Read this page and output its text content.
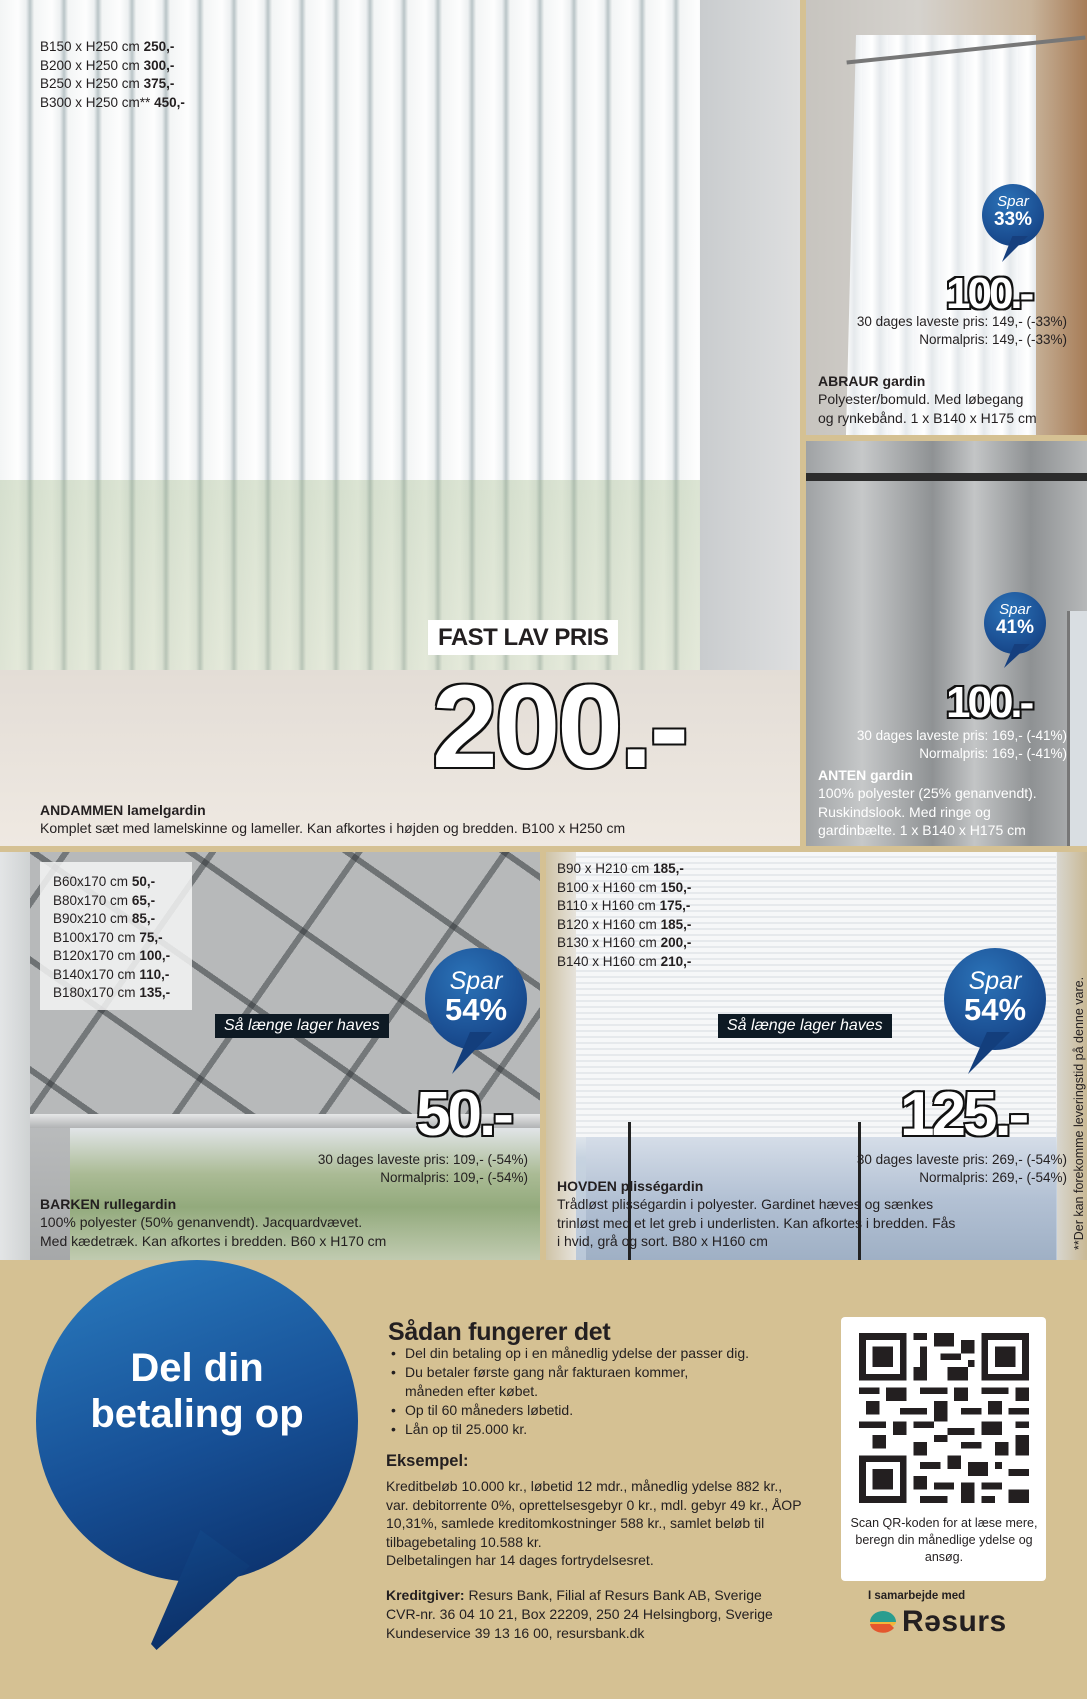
B150 x H250 cm 250,-
B200 x H250 cm 300,-
B250 x H250 cm 375,-
B300 x H250 cm** 450,-
FAST LAV PRIS
200.-
ANDAMMEN lamelgardin
Komplet sæt med lamelskinne og lameller. Kan afkortes i højden og bredden. B100 x H250 cm
Spar
33%
100.-
30 dages laveste pris: 149,- (-33%)
Normalpris: 149,- (-33%)
ABRAUR gardin
Polyester/bomuld. Med løbegang
og rynkebånd. 1 x B140 x H175 cm
Spar
41%
100.-
30 dages laveste pris: 169,- (-41%)
Normalpris: 169,- (-41%)
ANTEN gardin
100% polyester (25% genanvendt).
Ruskindslook. Med ringe og
gardinbælte. 1 x B140 x H175 cm
B60x170 cm 50,-
B80x170 cm 65,-
B90x210 cm 85,-
B100x170 cm 75,-
B120x170 cm 100,-
B140x170 cm 110,-
B180x170 cm 135,-
Så længe lager haves
Spar
54%
50.-
30 dages laveste pris: 109,- (-54%)
Normalpris: 109,- (-54%)
BARKEN rullegardin
100% polyester (50% genanvendt). Jacquardvævet.
Med kædetræk. Kan afkortes i bredden. B60 x H170 cm
B90 x H210 cm 185,-
B100 x H160 cm 150,-
B110 x H160 cm 175,-
B120 x H160 cm 185,-
B130 x H160 cm 200,-
B140 x H160 cm 210,-
Så længe lager haves
Spar
54%
125.-
30 dages laveste pris: 269,- (-54%)
Normalpris: 269,- (-54%)
HOVDEN plisségardin
Trådløst plisségardin i polyester. Gardinet hæves og sænkes
trinløst med et let greb i underlisten. Kan afkortes i bredden. Fås
i hvid, grå og sort. B80 x H160 cm	**Der kan forekomme leveringstid på denne vare.
Del din
betaling op
Sådan fungerer det
• Del din betaling op i en månedlig ydelse der passer dig.
• Du betaler første gang når fakturaen kommer, måneden efter købet.
• Op til 60 måneders løbetid.
• Lån op til 25.000 kr.
Eksempel:
Kreditbeløb 10.000 kr., løbetid 12 mdr., månedlig ydelse 882 kr., var. debitorrente 0%, oprettelsesgebyr 0 kr., mdl. gebyr 49 kr., ÅOP 10,31%, samlede kreditomkostninger 588 kr., samlet beløb til tilbagebetaling 10.588 kr.
Delbetalingen har 14 dages fortrydelsesret.
Kreditgiver: Resurs Bank, Filial af Resurs Bank AB, Sverige
CVR-nr. 36 04 10 21, Box 22209, 250 24 Helsingborg, Sverige
Kundeservice 39 13 16 00, resursbank.dk
Scan QR-koden for at læse mere, beregn din månedlige ydelse og ansøg.
I samarbejde med
Rəsurs
